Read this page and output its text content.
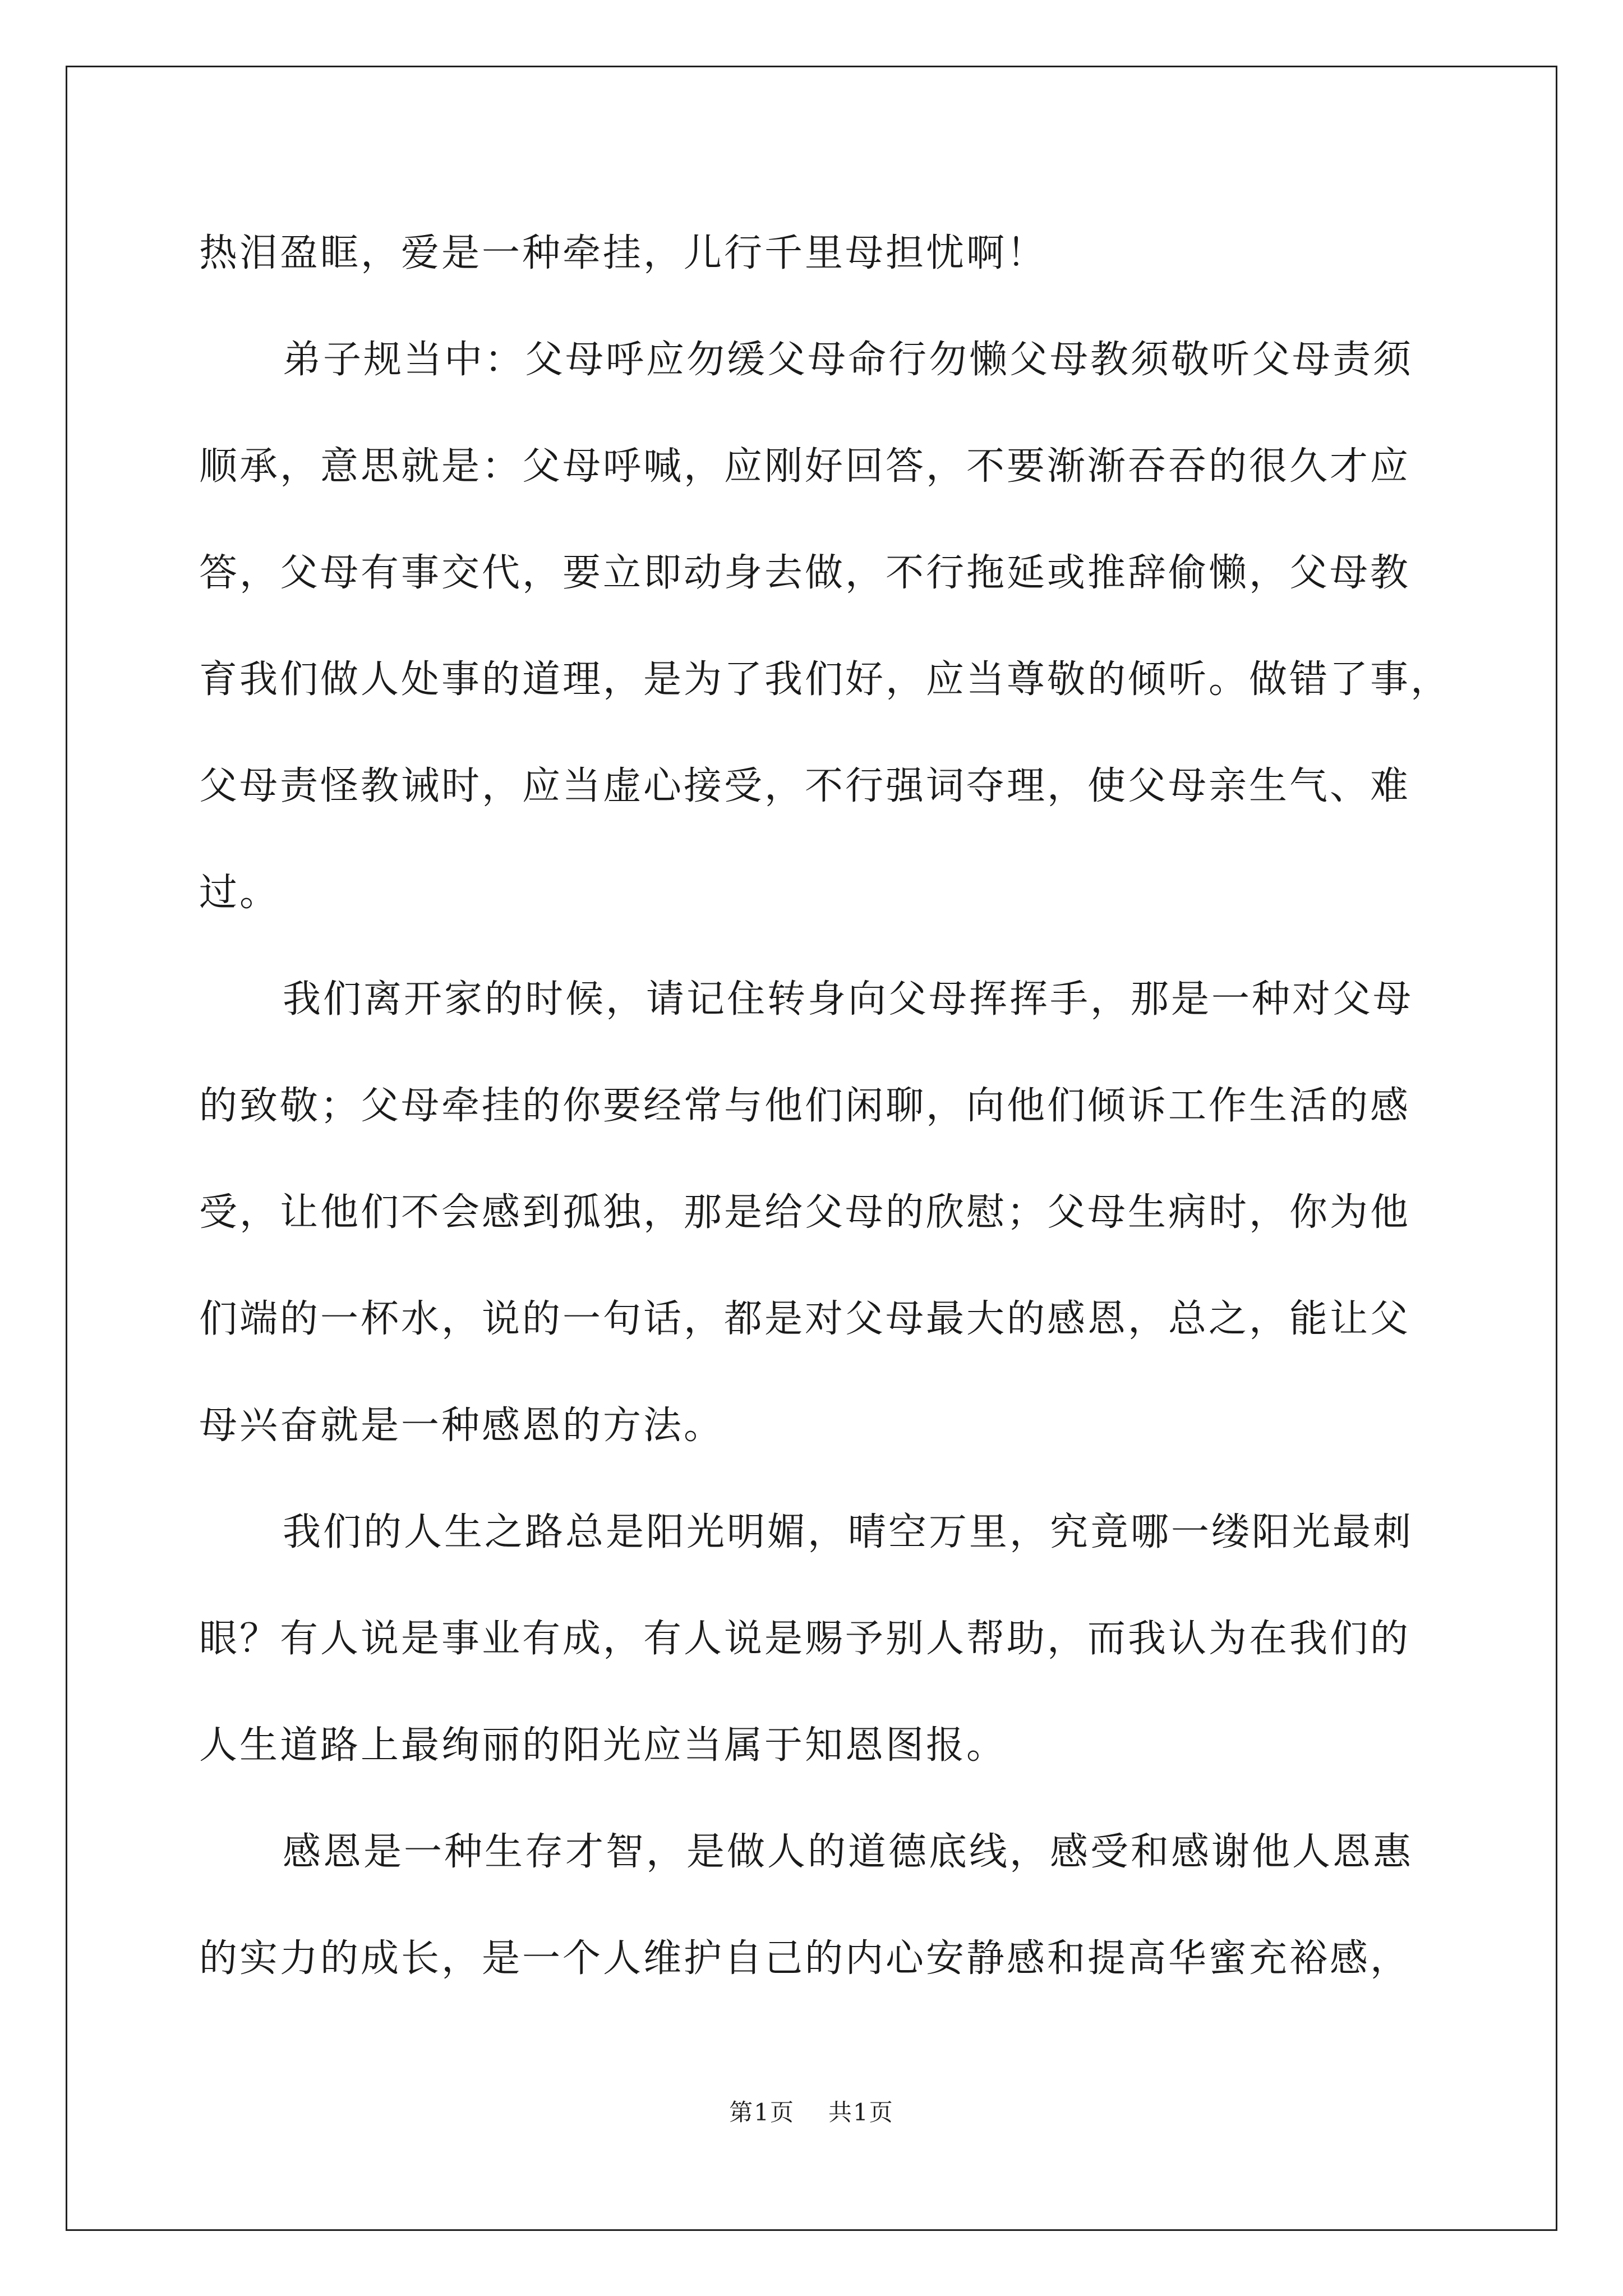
热泪盈眶，爱是一种牵挂，儿行千里母担忧啊！
弟子规当中：父母呼应勿缓父母命行勿懒父母教须敬听父母责须
顺承，意思就是：父母呼喊，应刚好回答，不要渐渐吞吞的很久才应
答，父母有事交代，要立即动身去做，不行拖延或推辞偷懒，父母教
育我们做人处事的道理，是为了我们好，应当尊敬的倾听。做错了事，
父母责怪教诫时，应当虚心接受，不行强词夺理，使父母亲生气、难
过。
我们离开家的时候，请记住转身向父母挥挥手，那是一种对父母
的致敬；父母牵挂的你要经常与他们闲聊，向他们倾诉工作生活的感
受，让他们不会感到孤独，那是给父母的欣慰；父母生病时，你为他
们端的一杯水，说的一句话，都是对父母最大的感恩，总之，能让父
母兴奋就是一种感恩的方法。
我们的人生之路总是阳光明媚，晴空万里，究竟哪一缕阳光最刺
眼？有人说是事业有成，有人说是赐予别人帮助，而我认为在我们的
人生道路上最绚丽的阳光应当属于知恩图报。
感恩是一种生存才智，是做人的道德底线，感受和感谢他人恩惠
的实力的成长，是一个人维护自己的内心安静感和提高华蜜充裕感，
第1页 共1页
